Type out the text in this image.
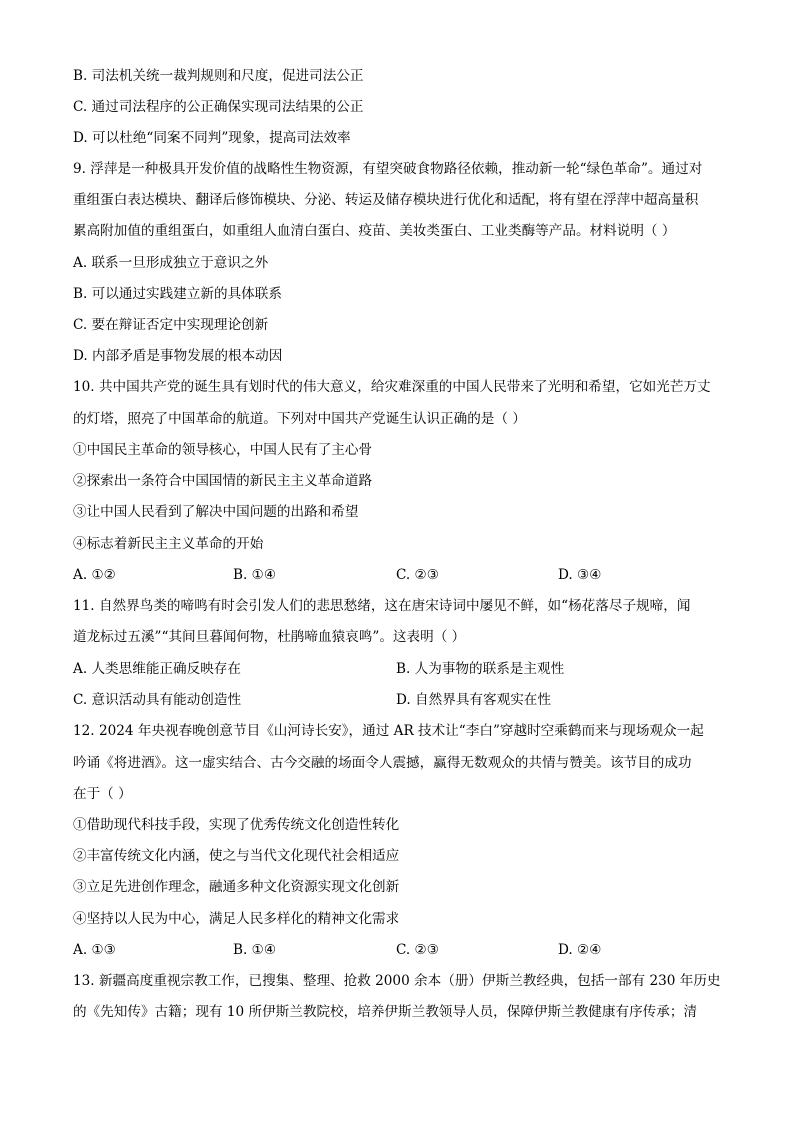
B. 司法机关统一裁判规则和尺度，促进司法公正
C. 通过司法程序的公正确保实现司法结果的公正
D. 可以杜绝“同案不同判”现象，提高司法效率
9. 浮萍是一种极具开发价值的战略性生物资源，有望突破食物路径依赖，推动新一轮“绿色革命”。通过对
重组蛋白表达模块、翻译后修饰模块、分泌、转运及储存模块进行优化和适配，将有望在浮萍中超高量积
累高附加值的重组蛋白，如重组人血清白蛋白、疫苗、美妆类蛋白、工业类酶等产品。材料说明（ ）
A. 联系一旦形成独立于意识之外
B. 可以通过实践建立新的具体联系
C. 要在辩证否定中实现理论创新
D. 内部矛盾是事物发展的根本动因
10. 共中国共产党的诞生具有划时代的伟大意义，给灾难深重的中国人民带来了光明和希望，它如光芒万丈
的灯塔，照亮了中国革命的航道。下列对中国共产党诞生认识正确的是（ ）
①中国民主革命的领导核心，中国人民有了主心骨
②探索出一条符合中国国情的新民主主义革命道路
③让中国人民看到了解决中国问题的出路和希望
④标志着新民主主义革命的开始
A. ①②	B. ①④	C. ②③	D. ③④
11. 自然界鸟类的啼鸣有时会引发人们的悲思愁绪，这在唐宋诗词中屡见不鲜，如“杨花落尽子规啼，闻
道龙标过五溪”“其间旦暮闻何物，杜鹃啼血猿哀鸣”。这表明（ ）
A. 人类思维能正确反映存在	B. 人为事物的联系是主观性
C. 意识活动具有能动创造性	D. 自然界具有客观实在性
12. 2024 年央视春晚创意节目《山河诗长安》，通过 AR 技术让“李白”穿越时空乘鹤而来与现场观众一起
吟诵《将进酒》。这一虚实结合、古今交融的场面令人震撼，赢得无数观众的共情与赞美。该节目的成功
在于（ ）
①借助现代科技手段，实现了优秀传统文化创造性转化
②丰富传统文化内涵，使之与当代文化现代社会相适应
③立足先进创作理念，融通多种文化资源实现文化创新
④坚持以人民为中心，满足人民多样化的精神文化需求
A. ①③	B. ①④	C. ②③	D. ②④
13. 新疆高度重视宗教工作，已搜集、整理、抢救 2000 余本（册）伊斯兰教经典，包括一部有 230 年历史
的《先知传》古籍；现有 10 所伊斯兰教院校，培养伊斯兰教领导人员，保障伊斯兰教健康有序传承；清
